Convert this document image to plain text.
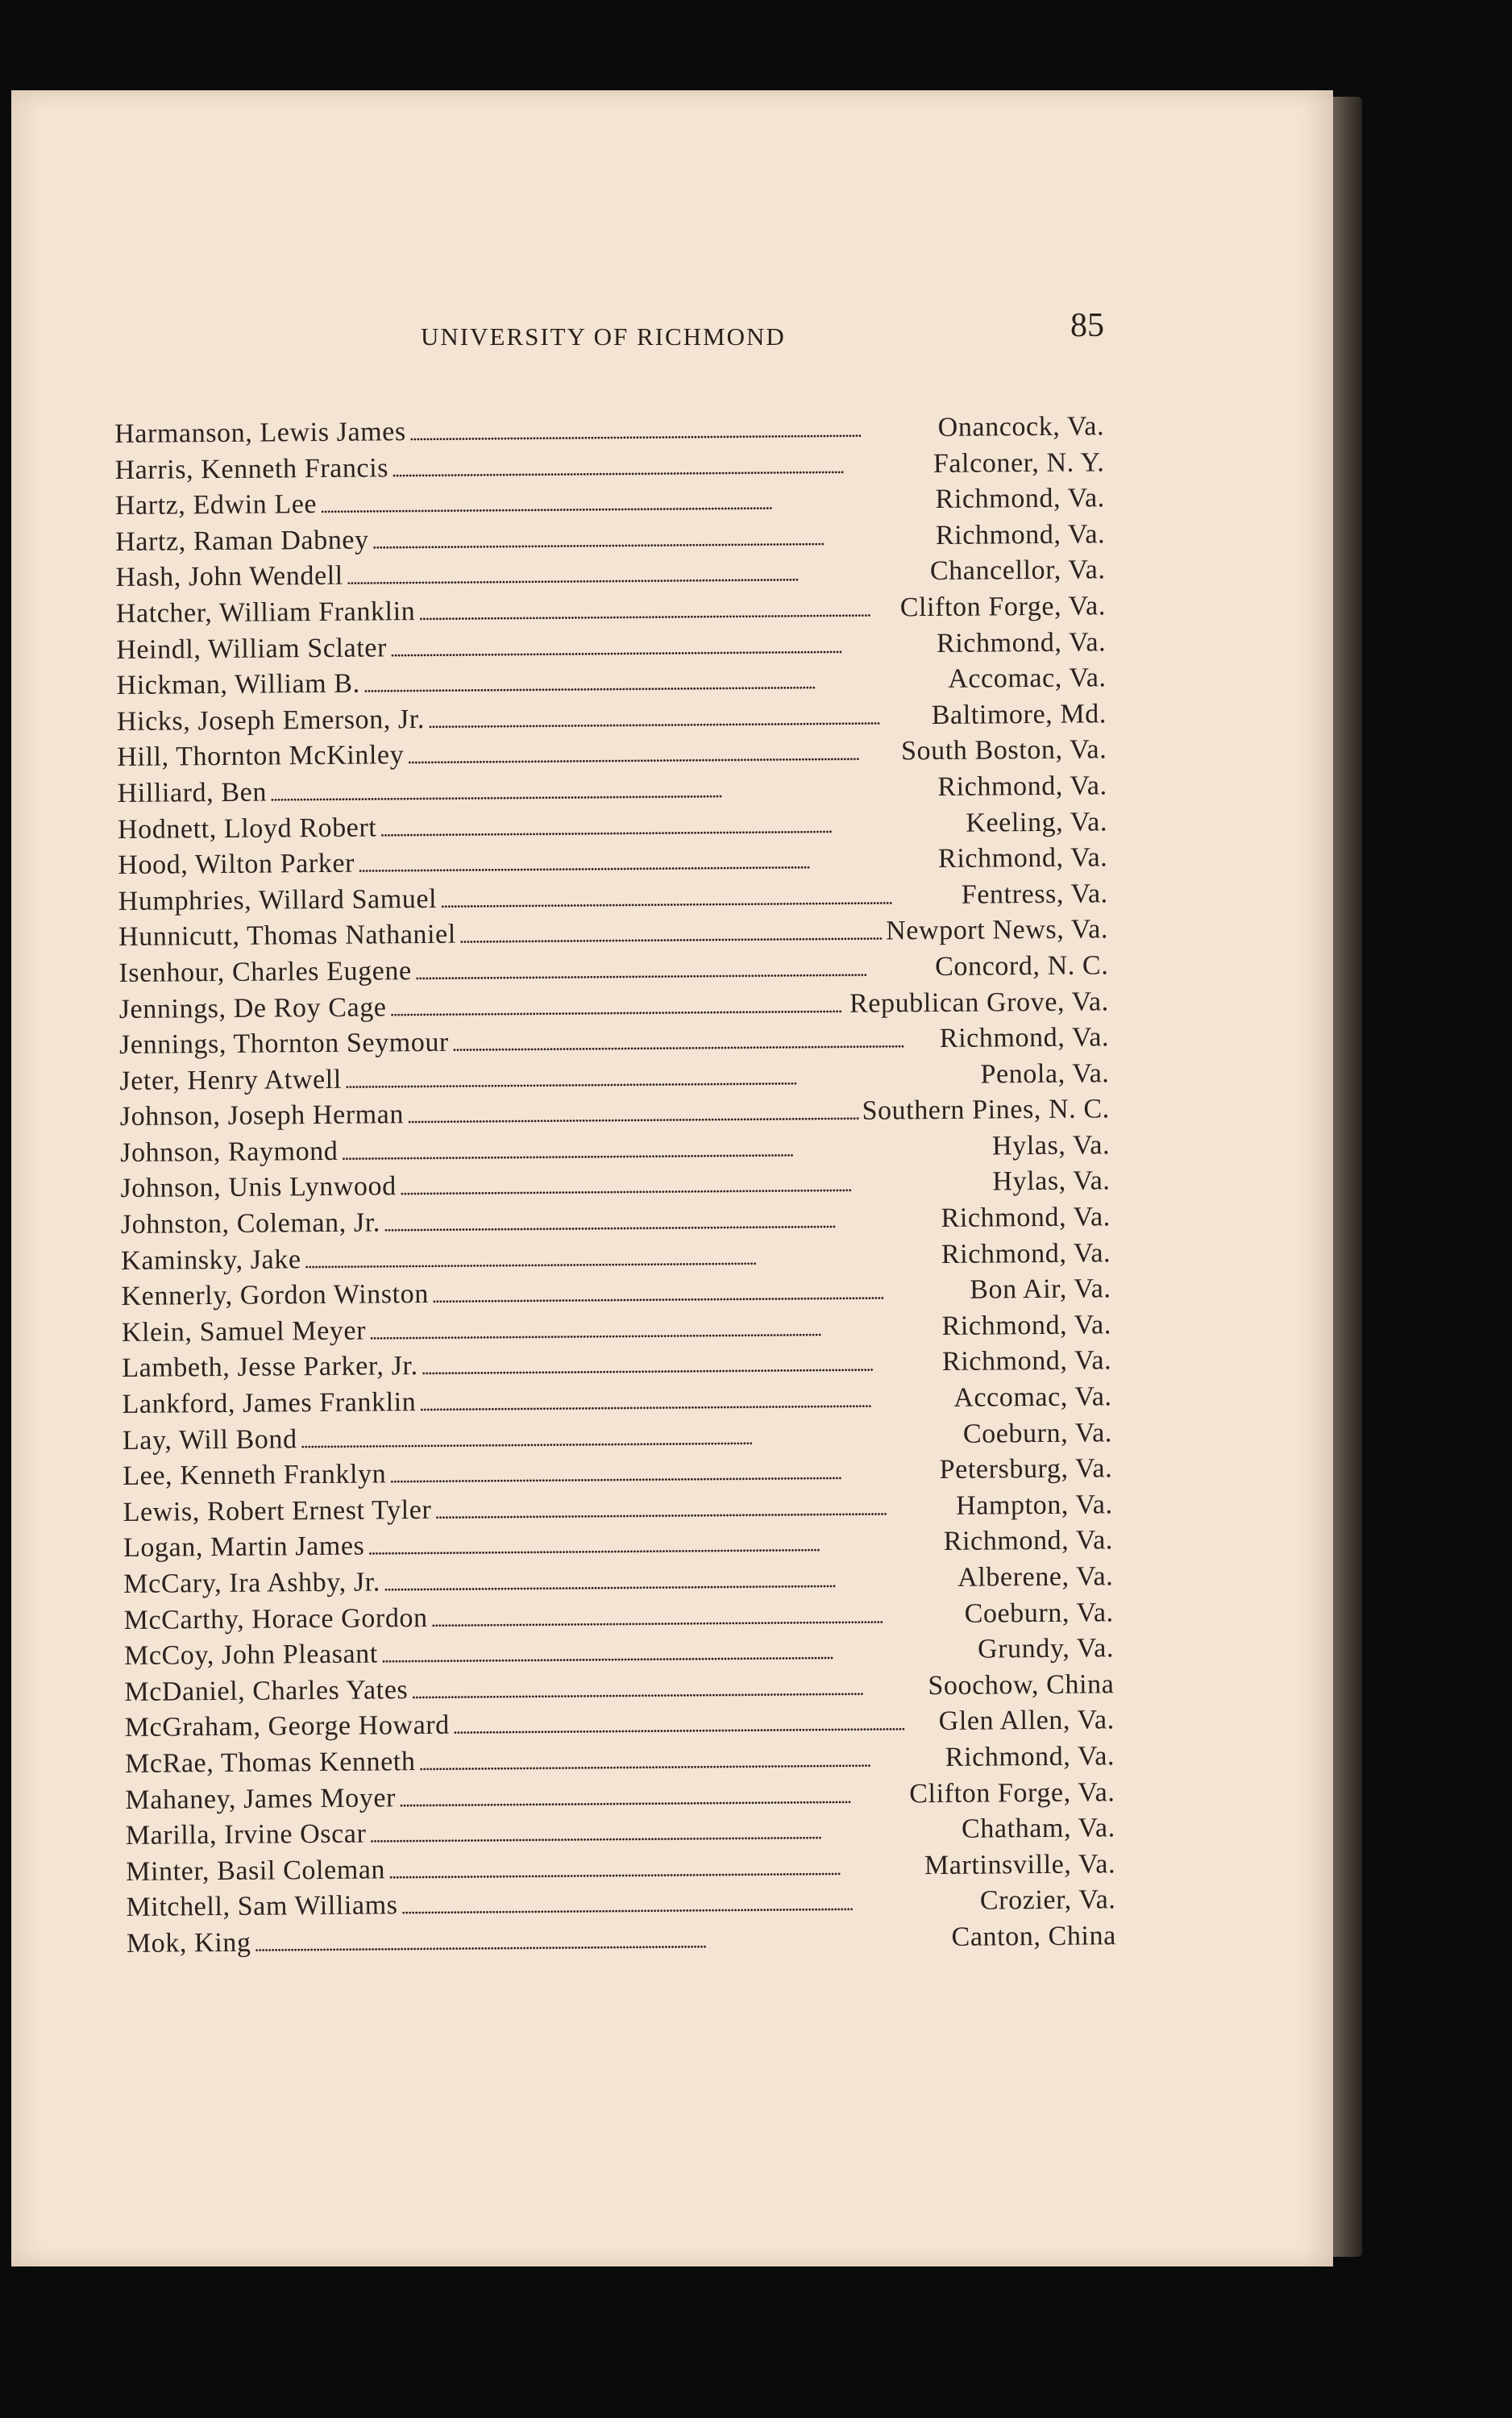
UNIVERSITY OF RICHMOND	85
Harmanson, Lewis James . . .	Onancock, Va.
Harris, Kenneth Francis . . .	Falconer, N. Y.
Hartz, Edwin Lee . . .	Richmond, Va.
Hartz, Raman Dabney . . .	Richmond, Va.
Hash, John Wendell . . .	Chancellor, Va.
Hatcher, William Franklin . . .	Clifton Forge, Va.
Heindl, William Sclater . . .	Richmond, Va.
Hickman, William B. . . .	Accomac, Va.
Hicks, Joseph Emerson, Jr. . . .	Baltimore, Md.
Hill, Thornton McKinley . . .	South Boston, Va.
Hilliard, Ben . . .	Richmond, Va.
Hodnett, Lloyd Robert . . .	Keeling, Va.
Hood, Wilton Parker . . .	Richmond, Va.
Humphries, Willard Samuel . . .	Fentress, Va.
Hunnicutt, Thomas Nathaniel . . .	Newport News, Va.
Isenhour, Charles Eugene . . .	Concord, N. C.
Jennings, De Roy Cage . . .	Republican Grove, Va.
Jennings, Thornton Seymour . . .	Richmond, Va.
Jeter, Henry Atwell . . .	Penola, Va.
Johnson, Joseph Herman . . .	Southern Pines, N. C.
Johnson, Raymond . . .	Hylas, Va.
Johnson, Unis Lynwood . . .	Hylas, Va.
Johnston, Coleman, Jr. . . .	Richmond, Va.
Kaminsky, Jake . . .	Richmond, Va.
Kennerly, Gordon Winston . . .	Bon Air, Va.
Klein, Samuel Meyer . . .	Richmond, Va.
Lambeth, Jesse Parker, Jr. . . .	Richmond, Va.
Lankford, James Franklin . . .	Accomac, Va.
Lay, Will Bond . . .	Coeburn, Va.
Lee, Kenneth Franklyn . . .	Petersburg, Va.
Lewis, Robert Ernest Tyler . . .	Hampton, Va.
Logan, Martin James . . .	Richmond, Va.
McCary, Ira Ashby, Jr. . . .	Alberene, Va.
McCarthy, Horace Gordon . . .	Coeburn, Va.
McCoy, John Pleasant . . .	Grundy, Va.
McDaniel, Charles Yates . . .	Soochow, China
McGraham, George Howard . . .	Glen Allen, Va.
McRae, Thomas Kenneth . . .	Richmond, Va.
Mahaney, James Moyer . . .	Clifton Forge, Va.
Marilla, Irvine Oscar . . .	Chatham, Va.
Minter, Basil Coleman . . .	Martinsville, Va.
Mitchell, Sam Williams . . .	Crozier, Va.
Mok, King . . .	Canton, China
